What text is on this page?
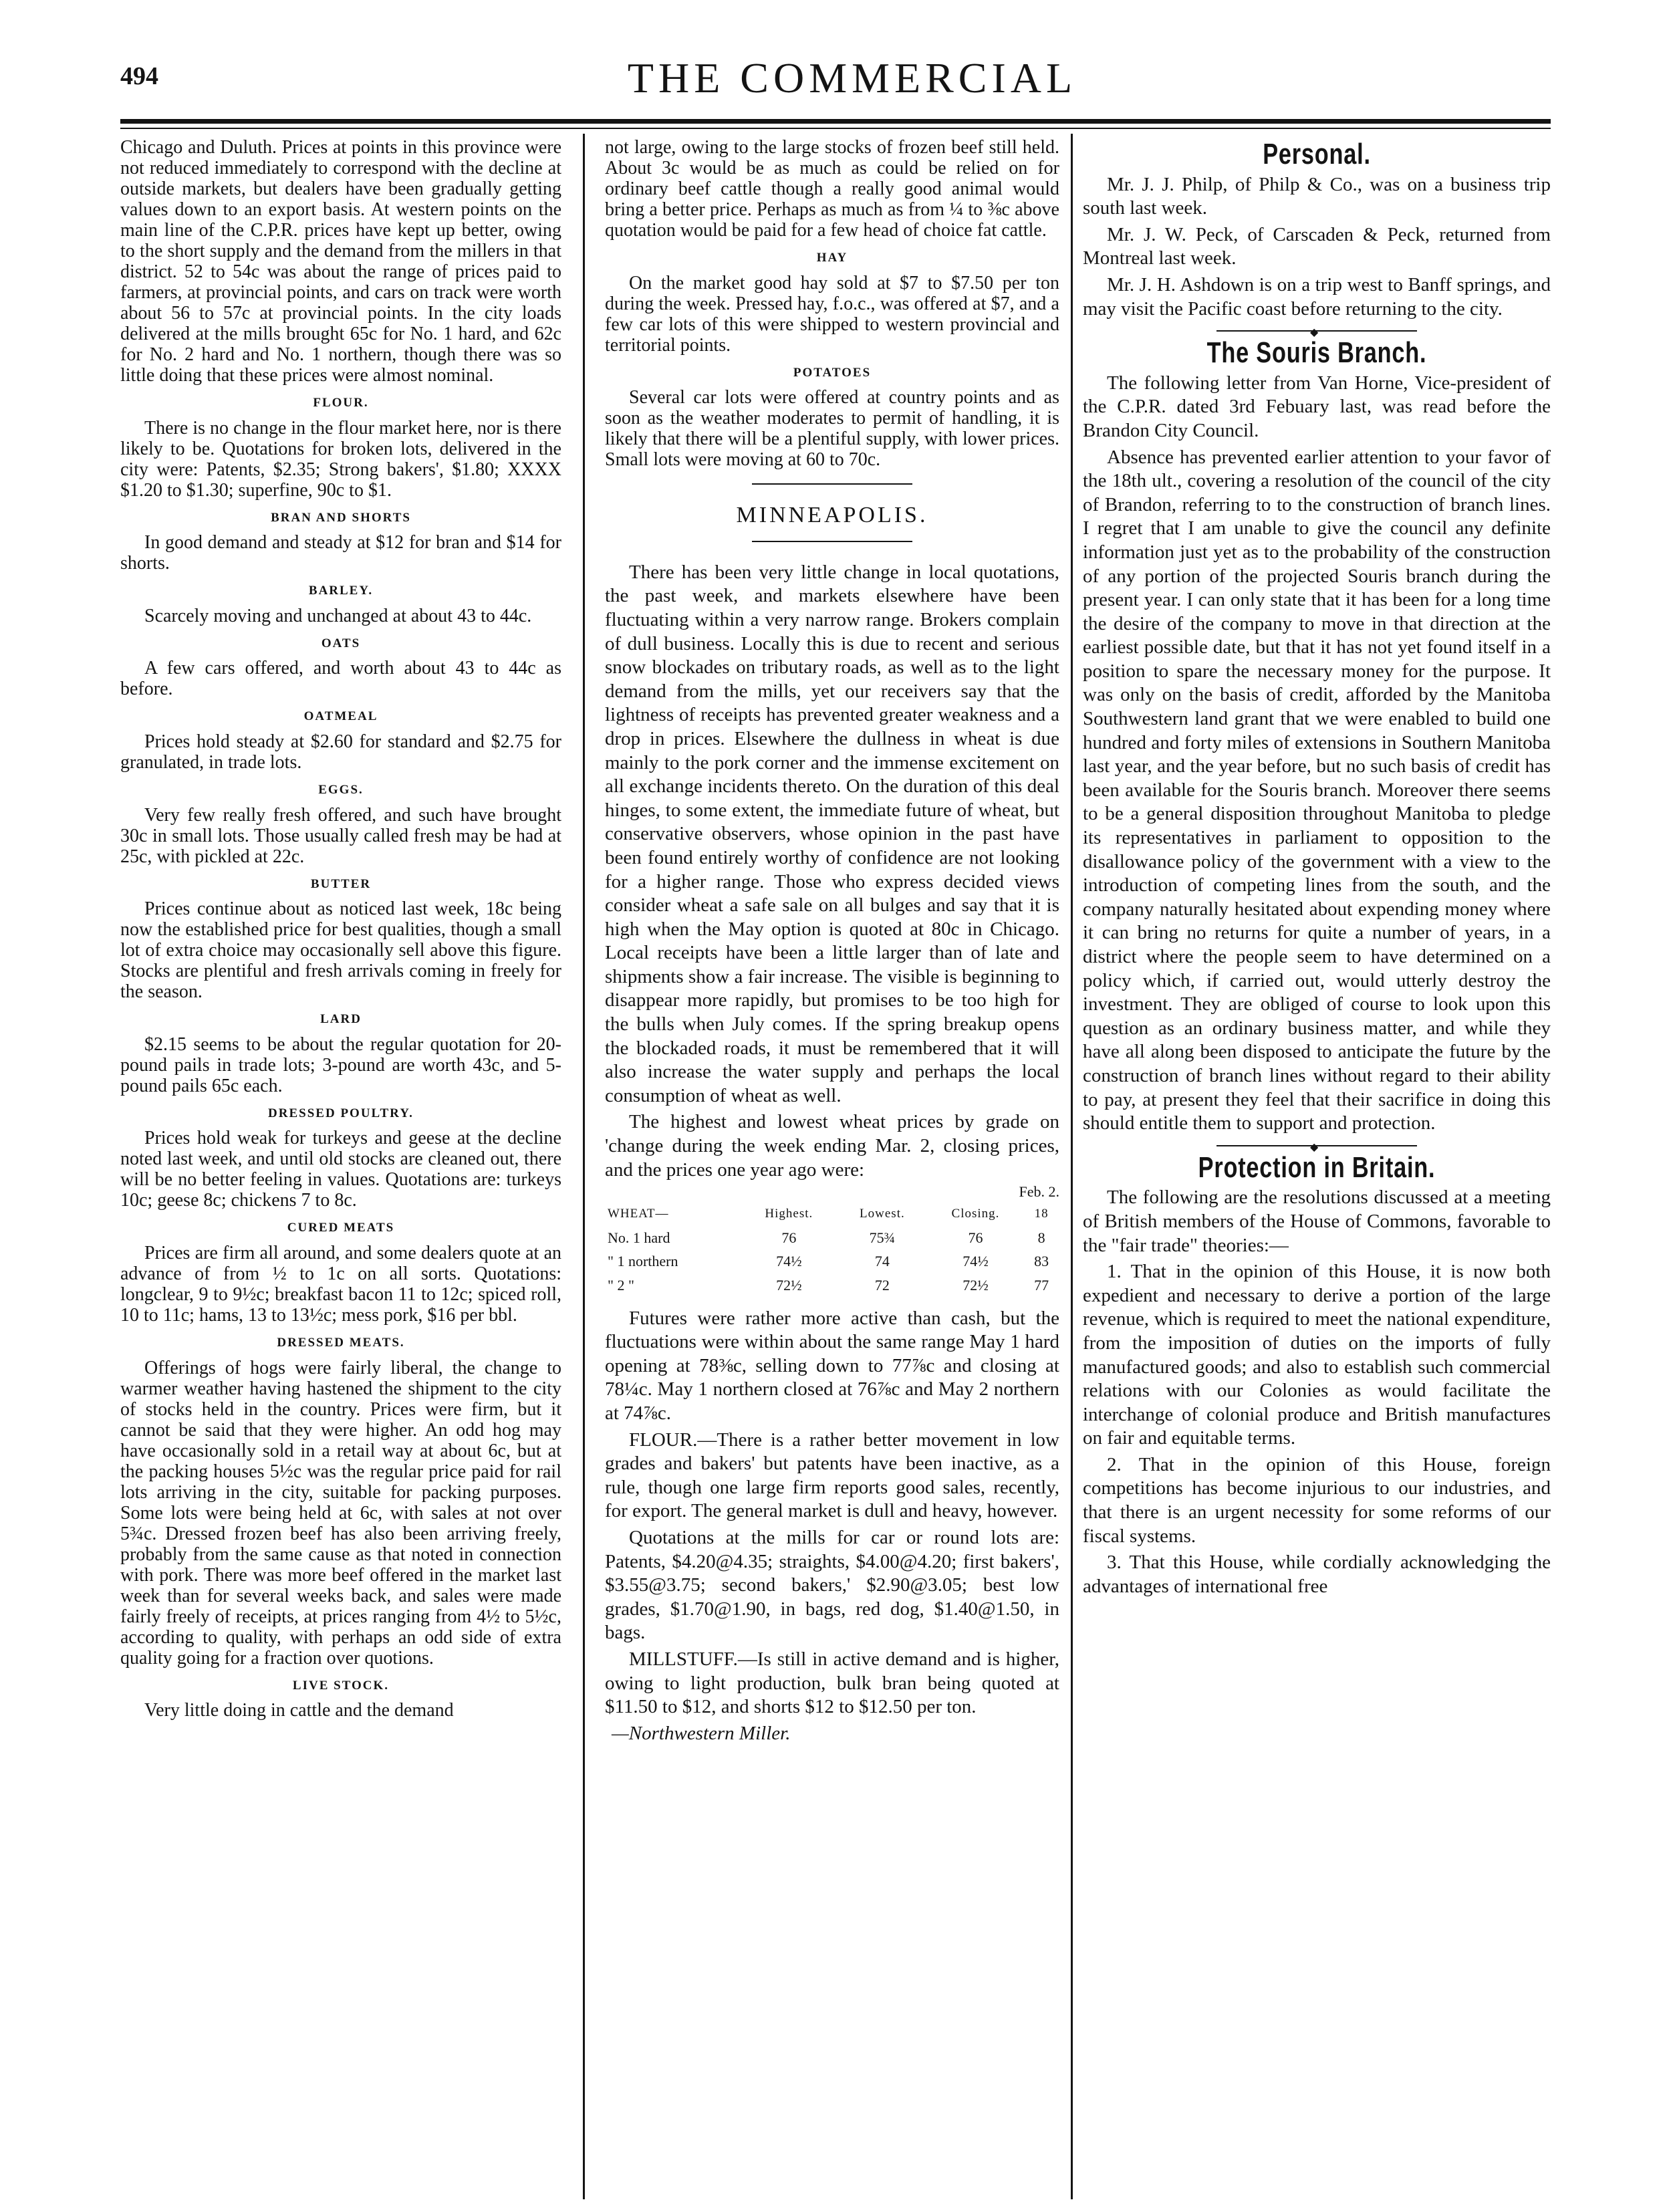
494	THE COMMERCIAL

Chicago and Duluth. Prices at points in this province were not reduced immediately to correspond with the decline at outside markets, but dealers have been gradually getting values down to an export basis. At western points on the main line of the C.P.R. prices have kept up better, owing to the short supply and the demand from the millers in that district. 52 to 54c was about the range of prices paid to farmers, at provincial points, and cars on track were worth about 56 to 57c at provincial points. In the city loads delivered at the mills brought 65c for No. 1 hard, and 62c for No. 2 hard and No. 1 northern, though there was so little doing that these prices were almost nominal.

FLOUR.

There is no change in the flour market here, nor is there likely to be. Quotations for broken lots, delivered in the city were: Patents, $2.35; Strong bakers', $1.80; XXXX $1.20 to $1.30; superfine, 90c to $1.

BRAN AND SHORTS

In good demand and steady at $12 for bran and $14 for shorts.

BARLEY.

Scarcely moving and unchanged at about 43 to 44c.

OATS

A few cars offered, and worth about 43 to 44c as before.

OATMEAL

Prices hold steady at $2.60 for standard and $2.75 for granulated, in trade lots.

EGGS.

Very few really fresh offered, and such have brought 30c in small lots. Those usually called fresh may be had at 25c, with pickled at 22c.

BUTTER

Prices continue about as noticed last week, 18c being now the established price for best qualities, though a small lot of extra choice may occasionally sell above this figure. Stocks are plentiful and fresh arrivals coming in freely for the season.

LARD

$2.15 seems to be about the regular quotation for 20-pound pails in trade lots; 3-pound are worth 43c, and 5-pound pails 65c each.

DRESSED POULTRY.

Prices hold weak for turkeys and geese at the decline noted last week, and until old stocks are cleaned out, there will be no better feeling in values. Quotations are: turkeys 10c; geese 8c; chickens 7 to 8c.

CURED MEATS

Prices are firm all around, and some dealers quote at an advance of from ½ to 1c on all sorts. Quotations: longclear, 9 to 9½c; breakfast bacon 11 to 12c; spiced roll, 10 to 11c; hams, 13 to 13½c; mess pork, $16 per bbl.

DRESSED MEATS.

Offerings of hogs were fairly liberal, the change to warmer weather having hastened the shipment to the city of stocks held in the country. Prices were firm, but it cannot be said that they were higher. An odd hog may have occasionally sold in a retail way at about 6c, but at the packing houses 5½c was the regular price paid for rail lots arriving in the city, suitable for packing purposes. Some lots were being held at 6c, with sales at not over 5¾c. Dressed frozen beef has also been arriving freely, probably from the same cause as that noted in connection with pork. There was more beef offered in the market last week than for several weeks back, and sales were made fairly freely of receipts, at prices ranging from 4½ to 5½c, according to quality, with perhaps an odd side of extra quality going for a fraction over quotions.

LIVE STOCK.

Very little doing in cattle and the demand

not large, owing to the large stocks of frozen beef still held. About 3c would be as much as could be relied on for ordinary beef cattle though a really good animal would bring a better price. Perhaps as much as from ¼ to ⅜c above quotation would be paid for a few head of choice fat cattle.

HAY

On the market good hay sold at $7 to $7.50 per ton during the week. Pressed hay, f.o.c., was offered at $7, and a few car lots of this were shipped to western provincial and territorial points.

POTATOES

Several car lots were offered at country points and as soon as the weather moderates to permit of handling, it is likely that there will be a plentiful supply, with lower prices. Small lots were moving at 60 to 70c.

MINNEAPOLIS.

There has been very little change in local quotations, the past week, and markets elsewhere have been fluctuating within a very narrow range. Brokers complain of dull business. Locally this is due to recent and serious snow blockades on tributary roads, as well as to the light demand from the mills, yet our receivers say that the lightness of receipts has prevented greater weakness and a drop in prices. Elsewhere the dullness in wheat is due mainly to the pork corner and the immense excitement on all exchange incidents thereto. On the duration of this deal hinges, to some extent, the immediate future of wheat, but conservative observers, whose opinion in the past have been found entirely worthy of confidence are not looking for a higher range. Those who express decided views consider wheat a safe sale on all bulges and say that it is high when the May option is quoted at 80c in Chicago. Local receipts have been a little larger than of late and shipments show a fair increase. The visible is beginning to disappear more rapidly, but promises to be too high for the bulls when July comes. If the spring breakup opens the blockaded roads, it must be remembered that it will also increase the water supply and perhaps the local consumption of wheat as well.

The highest and lowest wheat prices by grade on 'change during the week ending Mar. 2, closing prices, and the prices one year ago were:

Feb. 2.
WHEAT—	Highest.	Lowest.	Closing.	18
No. 1 hard	76	75¾	76	8
" 1 northern	74½	74	74½	83
" 2 "	72½	72	72½	77

Futures were rather more active than cash, but the fluctuations were within about the same range May 1 hard opening at 78⅜c, selling down to 77⅞c and closing at 78¼c. May 1 northern closed at 76⅞c and May 2 northern at 74⅞c.

FLOUR.—There is a rather better movement in low grades and bakers' but patents have been inactive, as a rule, though one large firm reports good sales, recently, for export. The general market is dull and heavy, however.

Quotations at the mills for car or round lots are: Patents, $4.20@4.35; straights, $4.00@4.20; first bakers', $3.55@3.75; second bakers,' $2.90@3.05; best low grades, $1.70@1.90, in bags, red dog, $1.40@1.50, in bags.

MILLSTUFF.—Is still in active demand and is higher, owing to light production, bulk bran being quoted at $11.50 to $12, and shorts $12 to $12.50 per ton.

—Northwestern Miller.

Personal.

Mr. J. J. Philp, of Philp & Co., was on a business trip south last week.

Mr. J. W. Peck, of Carscaden & Peck, returned from Montreal last week.

Mr. J. H. Ashdown is on a trip west to Banff springs, and may visit the Pacific coast before returning to the city.

◆
The Souris Branch.

The following letter from Van Horne, Vice-president of the C.P.R. dated 3rd Febuary last, was read before the Brandon City Council.

Absence has prevented earlier attention to your favor of the 18th ult., covering a resolution of the council of the city of Brandon, referring to to the construction of branch lines. I regret that I am unable to give the council any definite information just yet as to the probability of the construction of any portion of the projected Souris branch during the present year. I can only state that it has been for a long time the desire of the company to move in that direction at the earliest possible date, but that it has not yet found itself in a position to spare the necessary money for the purpose. It was only on the basis of credit, afforded by the Manitoba Southwestern land grant that we were enabled to build one hundred and forty miles of extensions in Southern Manitoba last year, and the year before, but no such basis of credit has been available for the Souris branch. Moreover there seems to be a general disposition throughout Manitoba to pledge its representatives in parliament to opposition to the disallowance policy of the government with a view to the introduction of competing lines from the south, and the company naturally hesitated about expending money where it can bring no returns for quite a number of years, in a district where the people seem to have determined on a policy which, if carried out, would utterly destroy the investment. They are obliged of course to look upon this question as an ordinary business matter, and while they have all along been disposed to anticipate the future by the construction of branch lines without regard to their ability to pay, at present they feel that their sacrifice in doing this should entitle them to support and protection.

◆
Protection in Britain.

The following are the resolutions discussed at a meeting of British members of the House of Commons, favorable to the "fair trade" theories:—

1. That in the opinion of this House, it is now both expedient and necessary to derive a portion of the large revenue, which is required to meet the national expenditure, from the imposition of duties on the imports of fully manufactured goods; and also to establish such commercial relations with our Colonies as would facilitate the interchange of colonial produce and British manufactures on fair and equitable terms.

2. That in the opinion of this House, foreign competitions has become injurious to our industries, and that there is an urgent necessity for some reforms of our fiscal systems.

3. That this House, while cordially acknowledging the advantages of international free
